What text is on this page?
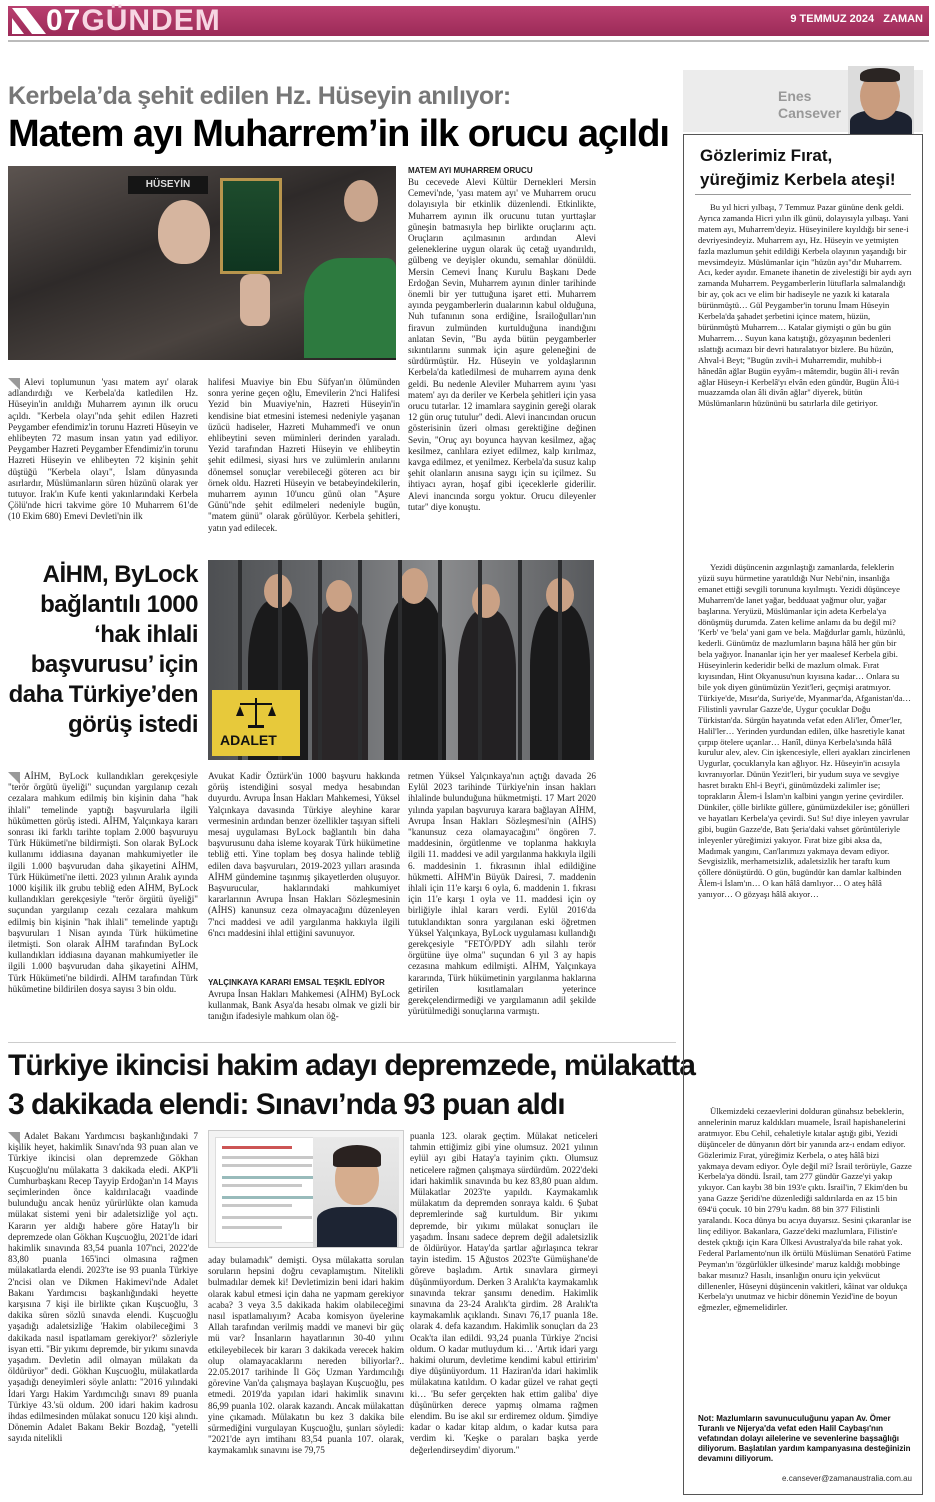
07GÜNDEM	9 TEMMUZ 2024 ZAMAN
Kerbela’da şehit edilen Hz. Hüseyin anılıyor:
Matem ayı Muharrem’in ilk orucu açıldı
HÜSEYİN
Alevi toplumunun 'yası matem ayı' olarak adlandırdığı ve Kerbela'da katledilen Hz. Hüseyin'in anıldığı Muharrem ayının ilk orucu açıldı. "Kerbela olayı"nda şehit edilen Hazreti Peygamber efendimiz'in torunu Hazreti Hüseyin ve ehlibeyten 72 masum insan yatın yad ediliyor. Peygamber Hazreti Peygamber Efendimiz'in torunu Hazreti Hüseyin ve ehlibeyten 72 kişinin şehit düştüğü "Kerbela olayı", İslam dünyasında asırlardır, Müslümanların süren hüzünü olarak yer tutuyor. Irak'ın Kufe kenti yakınlarındaki Kerbela Çölü'nde hicri takvime göre 10 Muharrem 61'de (10 Ekim 680) Emevi Devleti'nin ilk
halifesi Muaviye bin Ebu Süfyan'ın ölümünden sonra yerine geçen oğlu, Emevilerin 2'nci Halifesi Yezid bin Muaviye'nin, Hazreti Hüseyin'in kendisine biat etmesini istemesi nedeniyle yaşanan üzücü hadiseler, Hazreti Muhammed'i ve onun ehlibeytini seven müminleri derinden yaraladı. Yezid tarafından Hazreti Hüseyin ve ehlibeytin şehit edilmesi, siyasi hırs ve zulümlerin anılarını dönemsel sonuçlar verebileceği göteren acı bir örnek oldu. Hazreti Hüseyin ve betabeyindekilerin, muharrem ayının 10'uncu günü olan "Aşure Günü"nde şehit edilmeleri nedeniyle bugün, "matem günü" olarak görülüyor. Kerbela şehitleri, yatın yad edilecek.
MATEM AYI MUHARREM ORUCU
Bu cecevede Alevi Kültür Dernekleri Mersin Cemevi'nde, 'yası matem ayı' ve Muharrem orucu dolayısıyla bir etkinlik düzenlendi. Etkinlikte, Muharrem ayının ilk orucunu tutan yurttaşlar güneşin batmasıyla hep birlikte oruçlarını açtı. Oruçların açılmasının ardından Alevi geleneklerine uygun olarak üç cetağ uyandırıldı, gülbeng ve deyişler okundu, semahlar dönüldü. Mersin Cemevi İnanç Kurulu Başkanı Dede Erdoğan Sevin, Muharrem ayının dinler tarihinde önemli bir yer tuttuğuna işaret etti. Muharrem ayında peygamberlerin dualarının kabul olduğuna, Nuh tufanının sona erdiğine, İsrailoğulları'nın firavun zulmünden kurtulduğuna inandığını anlatan Sevin, "Bu ayda bütün peygamberler sıkıntılarını sunmak için aşure geleneğini de sürdürmüştür. Hz. Hüseyin ve yoldaşlarının Kerbela'da katledilmesi de muharrem ayına denk geldi. Bu nedenle Aleviler Muharrem ayını 'yası matem' ayı da deriler ve Kerbela şehitleri için yasa orucu tutarlar. 12 imamlara sayginin gereği olarak 12 gün oruç tutulur" dedi. Alevi inancından orucun gösterisinin üzeri olması gerektiğine değinen Sevin, "Oruç ayı boyunca hayvan kesilmez, ağaç kesilmez, canlılara eziyet edilmez, kalp kırılmaz, kavga edilmez, et yenilmez. Kerbela'da susuz kalıp şehit olanların anısına saygı için su içilmez. Su ihtiyacı ayran, hoşaf gibi içeceklerle giderilir. Alevi inancında sorgu yoktur. Orucu dileyenler tutar" diye konuştu.
AİHM, ByLock bağlantılı 1000 ‘hak ihlali başvurusu’ için daha Türkiye’den görüş istedi
ADALET
AİHM, ByLock kullandıkları gerekçesiyle "terör örgütü üyeliği" suçundan yargılanıp cezalı cezalara mahkum edilmiş bin kişinin daha "hak ihlali" temelinde yaptığı başvurularla ilgili hükümetten görüş istedi. AİHM, Yalçınkaya kararı sonrası iki farklı tarihte toplam 2.000 başvuruyu Türk Hükümeti'ne bildirmişti. Son olarak ByLock kullanımı iddiasına dayanan mahkumiyetler ile ilgili 1.000 başvurudan daha şikayetini AİHM, Türk Hükümeti'ne iletti. 2023 yılının Aralık ayında 1000 kişilik ilk grubu tebliğ eden AİHM, ByLock kullandıkları gerekçesiyle "terör örgütü üyeliği" suçundan yargılanıp cezalı cezalara mahkum edilmiş bin kişinin "hak ihlali" temelinde yaptığı başvuruları 1 Nisan ayında Türk hükümetine iletmişti. Son olarak AİHM tarafından ByLock kullandıkları iddiasına dayanan mahkumiyetler ile ilgili 1.000 başvurudan daha şikayetini AİHM, Türk Hükümeti'ne bildirdi. AİHM tarafından Türk hükümetine bildirilen dosya sayısı 3 bin oldu.
Avukat Kadir Öztürk'ün 1000 başvuru hakkında görüş istendiğini sosyal medya hesabından duyurdu. Avrupa İnsan Hakları Mahkemesi, Yüksel Yalçınkaya davasında Türkiye aleyhine karar vermesinin ardından benzer özellikler taşıyan sifteli mesaj uygulaması ByLock bağlantılı bin daha başvurusunu daha isleme koyarak Türk hükümetine tebliğ etti. Yine toplam beş dosya halinde tebliğ edilen dava başvuruları, 2019-2023 yılları arasında AİHM gündemine taşınmış şikayetlerden oluşuyor. Başvurucular, haklarındaki mahkumiyet kararlarının Avrupa İnsan Hakları Sözleşmesinin (AİHS) kanunsuz ceza olmayacağını düzenleyen 7'nci maddesi ve adil yargılanma hakkıyla ilgili 6'ncı maddesini ihlal ettiğini savunuyor.
YALÇINKAYA KARARI EMSAL TEŞKİL EDİYOR
Avrupa İnsan Hakları Mahkemesi (AİHM) ByLock kullanmak, Bank Asya'da hesabı olmak ve gizli bir tanığın ifadesiyle mahkum olan öğ-
retmen Yüksel Yalçınkaya'nın açtığı davada 26 Eylül 2023 tarihinde Türkiye'nin insan hakları ihlalinde bulunduğuna hükmetmişti. 17 Mart 2020 yılında yapılan başvuruya karara bağlayan AİHM, Avrupa İnsan Hakları Sözleşmesi'nin (AİHS) "kanunsuz ceza olamayacağını" öngören 7. maddesinin, örgütlenme ve toplanma hakkıyla ilgili 11. maddesi ve adil yargılanma hakkıyla ilgili 6. maddesinin 1. fıkrasının ihlal edildiğine hükmetti. AİHM'in Büyük Dairesi, 7. maddenin ihlali için 11'e karşı 6 oyla, 6. maddenin 1. fıkrası için 11'e karşı 1 oyla ve 11. maddesi için oy birliğiyle ihlal kararı verdi. Eylül 2016'da tutuklandıktan sonra yargılanan eski öğretmen Yüksel Yalçınkaya, ByLock uygulaması kullandığı gerekçesiyle "FETÖ/PDY adlı silahlı terör örgütüne üye olma" suçundan 6 yıl 3 ay hapis cezasına mahkum edilmişti. AİHM, Yalçınkaya kararında, Türk hükümetinin yargılanma haklarına getirilen kısıtlamaları yeterince gerekçelendirmediği ve yargılamanın adil şekilde yürütülmediği sonuçlarına varmıştı.
Türkiye ikincisi hakim adayı depremzede, mülakatta
3 dakikada elendi: Sınavı’nda 93 puan aldı
Adalet Bakanı Yardımcısı başkanlığındaki 7 kişilik heyet, hakimlik Sınavı'nda 93 puan alan ve Türkiye ikincisi olan depremzede Gökhan Kuşcuoğlu'nu mülakatta 3 dakikada eledi. AKP'li Cumhurbaşkanı Recep Tayyip Erdoğan'ın 14 Mayıs seçimlerinden önce kaldırılacağı vaadinde bulunduğu ancak henüz yürürlükte olan kamuda mülakat sistemi yeni bir adaletsizliğe yol açtı. Kararın yer aldığı habere göre Hatay'lı bir depremzede olan Gökhan Kuşcuoğlu, 2021'de idari hakimlik sınavında 83,54 puanla 107'nci, 2022'de 83,80 puanla 165'inci olmasına rağmen mülakatlarda elendi. 2023'te ise 93 puanla Türkiye 2'ncisi olan ve Dikmen Hakimevi'nde Adalet Bakanı Yardımcısı başkanlığındaki heyette karşısına 7 kişi ile birlikte çıkan Kuşcuoğlu, 3 dakika süren sözlü sınavda elendi. Kuşcuoğlu yaşadığı adaletsizliğe 'Hakim olabileceğimi 3 dakikada nasıl ispatlamam gerekiyor?' sözleriyle isyan etti. "Bir yıkımı depremde, bir yıkımı sınavda yaşadım. Devletin adil olmayan mülakatı da öldürüyor" dedi. Gökhan Kuşcuoğlu, mülakatlarda yaşadığı deneyimleri söyle anlattı: "2016 yılındaki İdari Yargı Hakim Yardımcılığı sınavı 89 puanla Türkiye 43.'sü oldum. 200 idari hakim kadrosu ihdas edilmesinden mülakat sonucu 120 kişi alındı. Dönemin Adalet Bakanı Bekir Bozdağ, "yetelli sayıda nitelikli
aday bulamadık" demişti. Oysa mülakatta sorulan soruların hepsini doğru cevaplamıştım. Nitelikli bulmadılar demek ki! Devletimizin beni idari hakim olarak kabul etmesi için daha ne yapmam gerekiyor acaba? 3 veya 3.5 dakikada hakim olabileceğimi nasıl ispatlamalıyım? Acaba komisyon üyelerine Allah tarafından verilmiş maddi ve manevi bir güç mü var? İnsanların hayatlarının 30-40 yılını etkileyebilecek bir kararı 3 dakikada verecek hakim olup olamayacaklarını nereden biliyorlar?.. 22.05.2017 tarihinde İl Göç Uzman Yardımcılığı görevine Van'da çalışmaya başlayan Kuşcuoğlu, pes etmedi. 2019'da yapılan idari hakimlik sınavını 86,99 puanla 102. olarak kazandı. Ancak mülakattan yine çıkamadı. Mülakatın bu kez 3 dakika bile sürmediğini vurgulayan Kuşcuoğlu, şunları söyledi: "2021'de ayrı imtihanı 83,54 puanla 107. olarak, kaymakamlık sınavını ise 79,75
puanla 123. olarak geçtim. Mülakat neticeleri tahmin ettiğimiz gibi yine olumsuz. 2021 yılının eylül ayı gibi Hatay'a tayinim çıktı. Olumsuz neticelere rağmen çalışmaya sürdürdüm. 2022'deki idari hakimlik sınavında bu kez 83,80 puan aldım. Mülakatlar 2023'te yapıldı. Kaymakamlık mülakatım da depremden sonraya kaldı. 6 Şubat depremlerinde sağ kurtuldum. Bir yıkımı depremde, bir yıkımı mülakat sonuçları ile yaşadım. İnsanı sadece deprem değil adaletsizlik de öldürüyor. Hatay'da şartlar ağırlaşınca tekrar tayin istedim. 15 Ağustos 2023'te Gümüşhane'de göreve başladım. Artık sınavlara girmeyi düşünmüyordum. Derken 3 Aralık'ta kaymakamlık sınavında tekrar şansımı denedim. Hakimlik sınavına da 23-24 Aralık'ta girdim. 28 Aralık'ta kaymakamlık açıklandı. Sınavı 76,17 puanla 18e. olarak 4. defa kazandım. Hakimlik sonuçları da 23 Ocak'ta ilan edildi. 93,24 puanla Türkiye 2'ncisi oldum. O kadar mutluydum ki… 'Artık idari yargı hakimi olurum, devletime kendimi kabul ettiririm' diye düşünüyordum. 11 Haziran'da idari hakimlik mülakatına katıldım. O kadar güzel ve rahat geçti ki… 'Bu sefer gerçekten hak ettim galiba' diye düşünürken derece yapmış olmama rağmen elendim. Bu ise akıl sır erdiremez oldum. Şimdiye kadar o kadar kitap aldım, o kadar kutsa para verdim ki. 'Keşke o paraları başka yerde değerlendirseydim' diyorum."
Enes
Cansever
Gözlerimiz Fırat,
yüreğimiz Kerbela ateşi!
Bu yıl hicri yılbaşı, 7 Temmuz Pazar gününe denk geldi. Ayrıca zamanda Hicri yılın ilk günü, dolayısıyla yılbaşı. Yani matem ayı, Muharrem'deyiz. Hüseyinilere kıyıldığı bir sene-i devriyesindeyiz. Muharrem ayı, Hz. Hüseyin ve yetmişten fazla mazlumun şehit edildiği Kerbela olayının yaşandığı bir mevsimdeyiz. Müslümanlar için "hüzün ayı"dır Muharrem. Acı, keder ayıdır. Emanete ihanetin de zivelestiği bir aydı ayrı zamanda Muharrem. Peygamberlerin lütuflarla salmalandığı bir ay, çok acı ve elim bir hadiseyle ne yazık ki katarala bürünmüştü… Gül Peygamber'in torunu İmam Hüseyin Kerbela'da şahadet şerbetini içince matem, hüzün, bürünmüştü Muharrem… Katalar giymişti o gün bu gün Muharrem… Suyun kana katıştığı, gözyaşının bedenleri ıslattığı acımazı bir devri hatıralatıyor bizlere. Bu hüzün, Ahval-i Beyt; "Bugün zıvih-i Muharremdir, muhibb-i hânedân ağlar Bugün eyyâm-ı mâtemdir, bugün âli-i revân ağlar Hüseyn-i Kerbelâ'yı elvân eden gündür, Bugün Âlü-i muazzamda olan âli divân ağlar" diyerek, bütün Müslümanların hüzününü bu satırlarla dile getiriyor.
Yezidi düşüncenin azgınlaştığı zamanlarda, feleklerin yüzü suyu hürmetine yaratıldığı Nur Nebi'nin, insanlığa emanet ettiği sevgili torununa kıyılmıştı. Yezidi düşünceye Muharrem'de lanet yağar, bedduaat yağmur olur, yağar başlarına. Yeryüzü, Müslümanlar için adeta Kerbela'ya dönüşmüş durumda. Zaten kelime anlamı da bu değil mi? 'Kerb' ve 'bela' yani gam ve bela. Mağdurlar gamlı, hüzünlü, kederli. Günümüz de mazlumların başına hâlâ her gün bir bela yağıyor. İnananlar için her yer maalesef Kerbela gibi. Hüseyinlerin kederidir belki de mazlum olmak. Fırat kıyısından, Hint Okyanusu'nun kıyısına kadar… Onlara su bile yok diyen günümüzün Yezit'leri, geçmişi aratmıyor. Türkiye'de, Mısır'da, Suriye'de, Myanmar'da, Afganistan'da… Filistinli yavrular Gazze'de, Uygur çocuklar Doğu Türkistan'da. Sürgün hayatında vefat eden Ali'ler, Ömer'ler, Halil'ler… Yerinden yurdundan edilen, ülke hasretiyle kanat çırpıp ötelere uçanlar… Hanîl, dünya Kerbela'sında hâlâ kurulur alev, alev. Cin işkencesiyle, elleri ayakları zincirlenen Uygurlar, çocuklarıyla kan ağlıyor. Hz. Hüseyin'in acısıyla kıvranıyorlar. Dünün Yezit'leri, bir yudum suya ve sevgiye hasret bıraktı Ehl-i Beyt'i, günümüzdeki zalimler ise; toprakların Âlem-i İslam'ın kalbini yangın yerine çevirdiler. Dünkiler, çölle birlikte güllere, günümüzdekiler ise; gönülleri ve hayatları Kerbela'ya çevirdi. Su! Su! diye inleyen yavrular gibi, bugün Gazze'de, Batı Şeria'daki vahset görüntüleriyle inleyenler yüreğimizi yakıyor. Fırat bize gibi aksa da, Madımak yangını, Can'larımızı yakmaya devam ediyor. Sevgisizlik, merhametsizlik, adaletsizlik her taraftı kum çöllere dönüştürdü. O gün, bugündür kan damlar kalbinden Âlem-i İslam'ın… O kan hâlâ damlıyor… O ateş hâlâ yanıyor… O gözyaşı hâlâ akıyor…
Ülkemizdeki cezaevlerini dolduran günahsız bebeklerin, annelerinin maruz kaldıkları muamele, İsrail hapishanelerini aratmıyor. Ebu Cehil, cehaletiyle kıtalar aştığı gibi, Yezidi düşünceler de dünyanın dört bir yanında arz-ı endam ediyor. Gözlerimiz Fırat, yüreğimiz Kerbela, o ateş hâlâ bizi yakmaya devam ediyor. Öyle değil mi? İsrail terörüyle, Gazze Kerbela'ya döndü. İsrail, tam 277 gündür Gazze'yi yakıp yıkıyor. Can kaybı 38 bin 193'e çıktı. İsrail'in, 7 Ekim'den bu yana Gazze Şeridi'ne düzenlediği saldırılarda en az 15 bin 694'ü çocuk. 10 bin 279'u kadın. 88 bin 377 Filistinli yaralandı. Koca dünya bu acıya duyarsız. Sesini çıkaranlar ise linç ediliyor. Bakanlara, Gazze'deki mazlumlara, Filistin'e destek çıktığı için Kara Ülkesi Avustralya'da bile rahat yok. Federal Parlamento'nun ilk örtülü Müslüman Senatörü Fatime Peyman'ın 'özgürlükler ülkesinde' maruz kaldığı mobbinge bakar mısınız? Hasılı, insanlığın onuru için yekvücut dillenenler, Hüseyni düşüncenin vakitleri, kâinat var oldukça Kerbela'yı unutmaz ve hicbir dönemin Yezid'ine de boyun eğmezler, eğmemelidirler.
Not: Mazlumların savunuculuğunu yapan Av. Ömer Turanlı ve Nijerya'da vefat eden Halil Caybaşı'nın vefatından dolayı ailelerine ve sevenlerine başsağlığı diliyorum. Başlatılan yardım kampanyasına desteğinizin devamını diliyorum.
e.cansever@zamanaustralia.com.au
